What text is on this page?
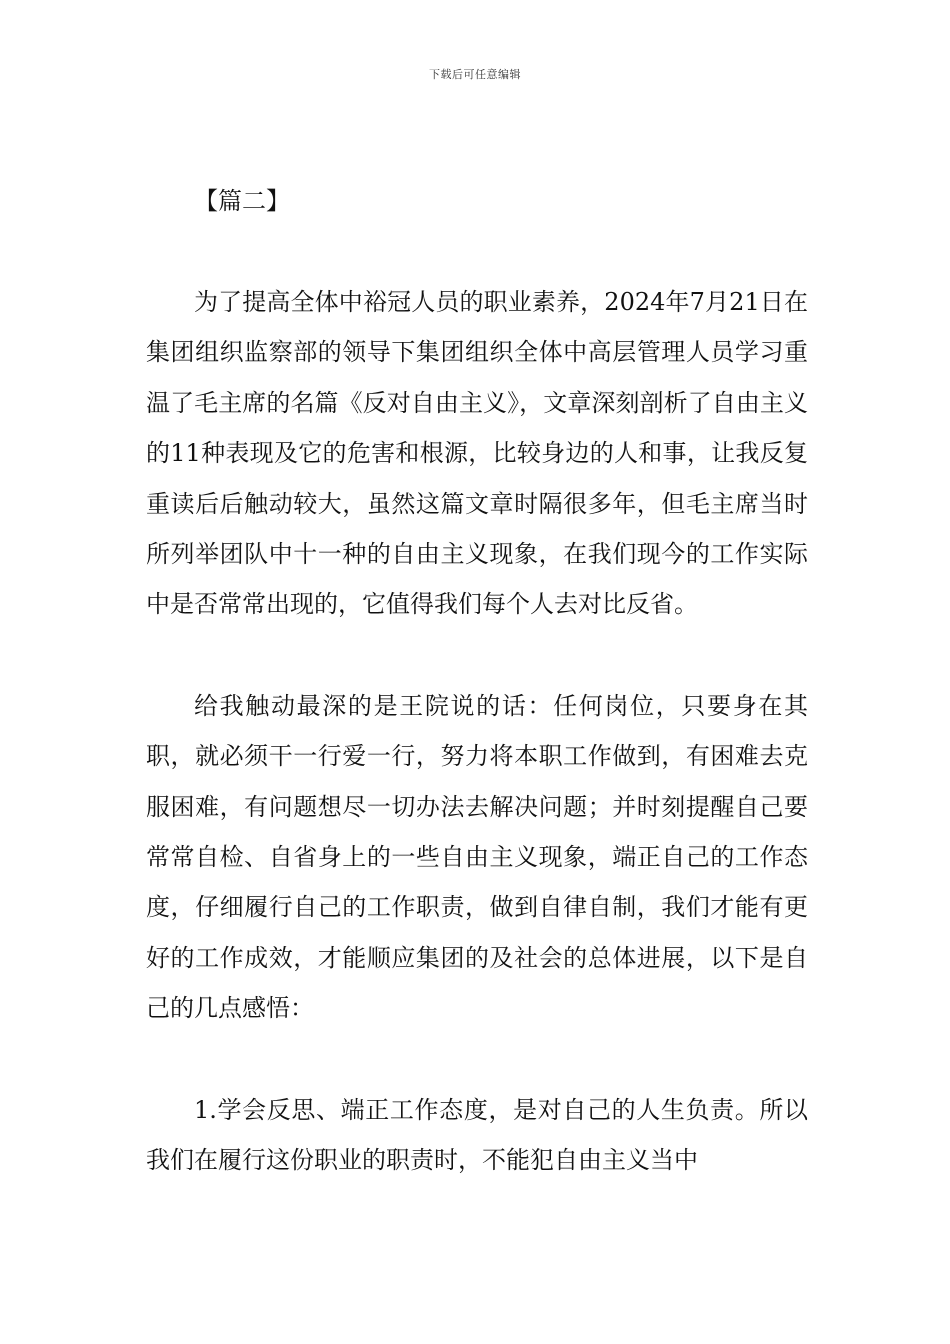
下载后可任意编辑
【篇二】

为了提高全体中裕冠人员的职业素养，2024年7月21日在集团组织监察部的领导下集团组织全体中高层管理人员学习重温了毛主席的名篇《反对自由主义》，文章深刻剖析了自由主义的11种表现及它的危害和根源，比较身边的人和事，让我反复重读后后触动较大，虽然这篇文章时隔很多年，但毛主席当时所列举团队中十一种的自由主义现象，在我们现今的工作实际中是否常常出现的，它值得我们每个人去对比反省。

给我触动最深的是王院说的话：任何岗位，只要身在其职，就必须干一行爱一行，努力将本职工作做到，有困难去克服困难，有问题想尽一切办法去解决问题；并时刻提醒自己要常常自检、自省身上的一些自由主义现象，端正自己的工作态度，仔细履行自己的工作职责，做到自律自制，我们才能有更好的工作成效，才能顺应集团的及社会的总体进展，以下是自己的几点感悟：

1.学会反思、端正工作态度，是对自己的人生负责。所以我们在履行这份职业的职责时，不能犯自由主义当中
